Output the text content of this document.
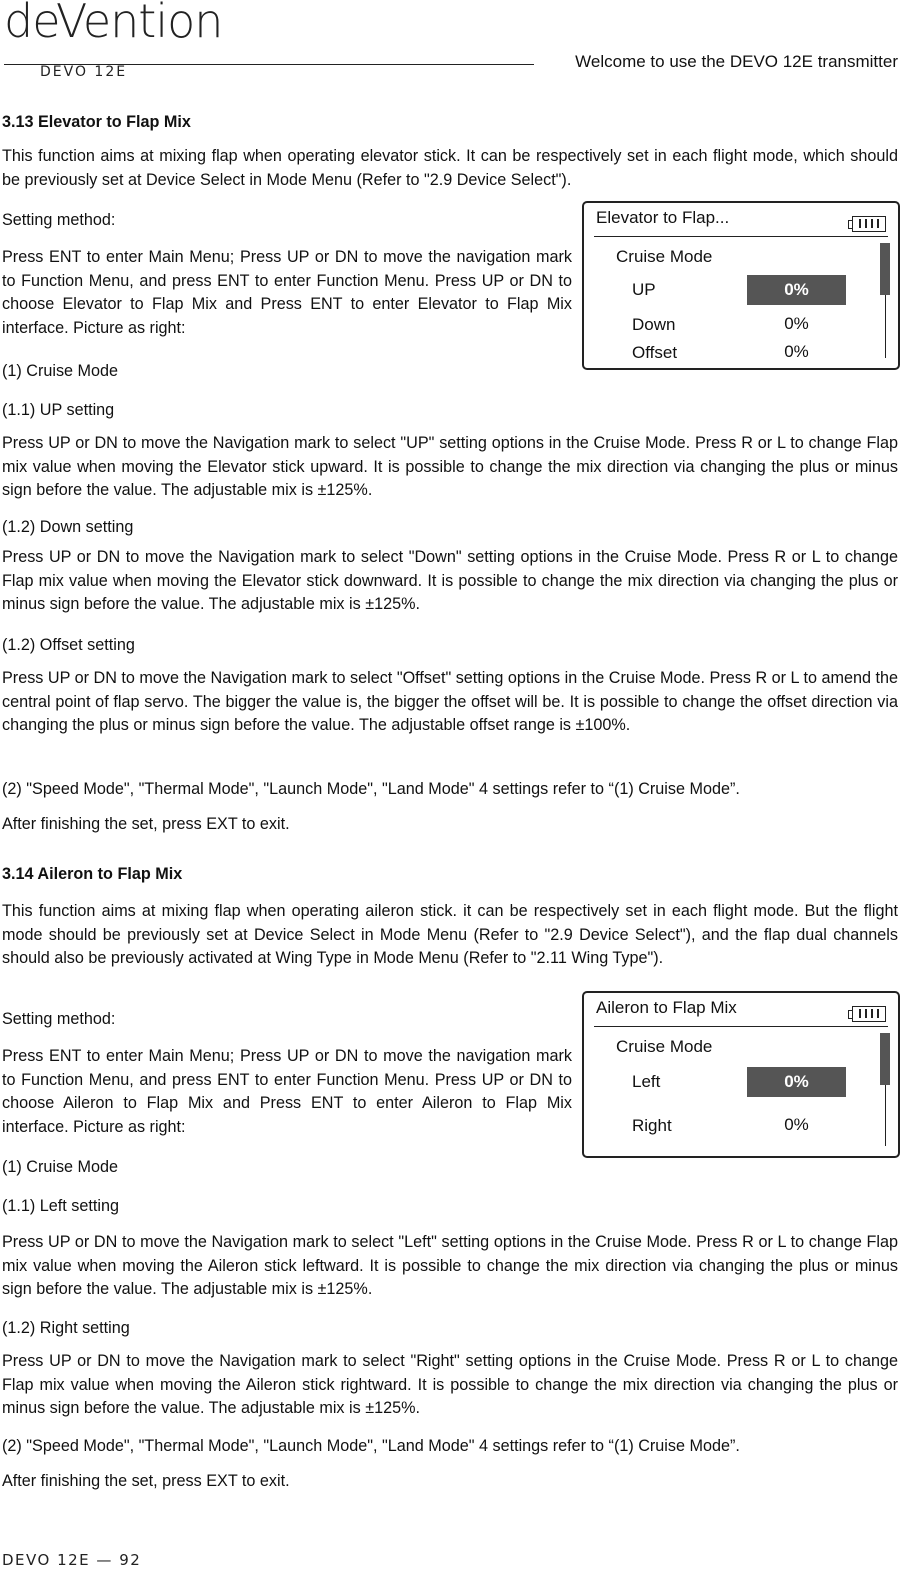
deVention
DEVO 12E
Welcome to use the DEVO 12E transmitter

3.13 Elevator to Flap Mix

This function aims at mixing flap when operating elevator stick. It can be respectively set in each flight mode, which should be previously set at Device Select in Mode Menu (Refer to "2.9 Device Select").

Setting method:

Press ENT to enter Main Menu; Press UP or DN to move the navigation mark to Function Menu, and press ENT to enter Function Menu. Press UP or DN to choose Elevator to Flap Mix and Press ENT to enter Elevator to Flap Mix interface. Picture as right:

(1) Cruise Mode

Elevator to Flap...
Cruise Mode
UP	0%
Down	0%
Offset	0%

(1.1) UP setting

Press UP or DN to move the Navigation mark to select "UP" setting options in the Cruise Mode. Press R or L to change Flap mix value when moving the Elevator stick upward. It is possible to change the mix direction via changing the plus or minus sign before the value. The adjustable mix is ±125%.

(1.2) Down setting

Press UP or DN to move the Navigation mark to select "Down" setting options in the Cruise Mode. Press R or L to change Flap mix value when moving the Elevator stick downward. It is possible to change the mix direction via changing the plus or minus sign before the value. The adjustable mix is ±125%.

(1.2) Offset setting

Press UP or DN to move the Navigation mark to select "Offset" setting options in the Cruise Mode. Press R or L to amend the central point of flap servo. The bigger the value is, the bigger the offset will be. It is possible to change the offset direction via changing the plus or minus sign before the value. The adjustable offset range is ±100%.

(2) "Speed Mode", "Thermal Mode", "Launch Mode", "Land Mode" 4 settings refer to “(1) Cruise Mode”.

After finishing the set, press EXT to exit.

3.14 Aileron to Flap Mix

This function aims at mixing flap when operating aileron stick. it can be respectively set in each flight mode. But the flight mode should be previously set at Device Select in Mode Menu (Refer to "2.9 Device Select"), and the flap dual channels should also be previously activated at Wing Type in Mode Menu (Refer to "2.11 Wing Type").

Setting method:

Press ENT to enter Main Menu; Press UP or DN to move the navigation mark to Function Menu, and press ENT to enter Function Menu. Press UP or DN to choose Aileron to Flap Mix and Press ENT to enter Aileron to Flap Mix interface. Picture as right:

(1) Cruise Mode

Aileron to Flap Mix
Cruise Mode
Left	0%
Right	0%

(1.1) Left setting

Press UP or DN to move the Navigation mark to select "Left" setting options in the Cruise Mode. Press R or L to change Flap mix value when moving the Aileron stick leftward. It is possible to change the mix direction via changing the plus or minus sign before the value. The adjustable mix is ±125%.

(1.2) Right setting

Press UP or DN to move the Navigation mark to select "Right" setting options in the Cruise Mode. Press R or L to change Flap mix value when moving the Aileron stick rightward. It is possible to change the mix direction via changing the plus or minus sign before the value. The adjustable mix is ±125%.

(2) "Speed Mode", "Thermal Mode", "Launch Mode", "Land Mode" 4 settings refer to “(1) Cruise Mode”.

After finishing the set, press EXT to exit.

DEVO 12E — 92
